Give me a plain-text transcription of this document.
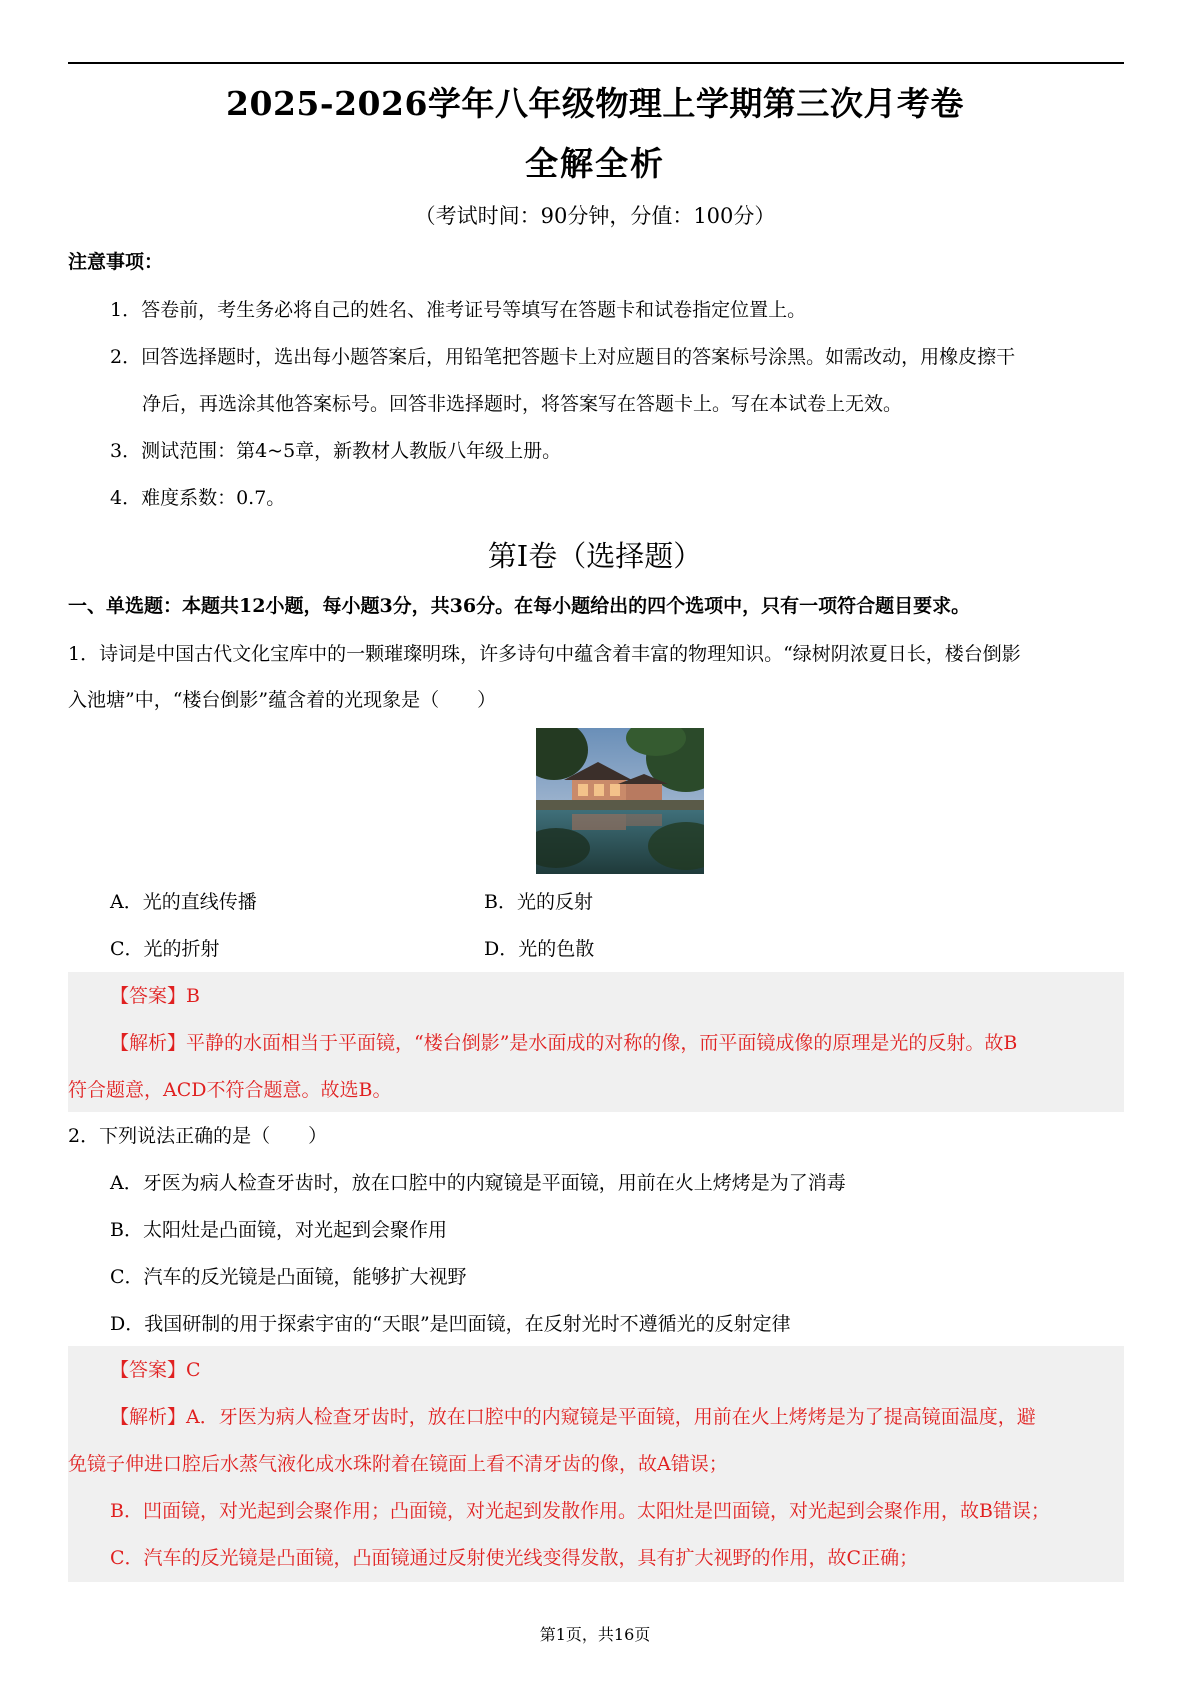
2025-2026学年八年级物理上学期第三次月考卷
全解全析
（考试时间：90分钟，分值：100分）
注意事项：
1．答卷前，考生务必将自己的姓名、准考证号等填写在答题卡和试卷指定位置上。
2．回答选择题时，选出每小题答案后，用铅笔把答题卡上对应题目的答案标号涂黑。如需改动，用橡皮擦干
净后，再选涂其他答案标号。回答非选择题时，将答案写在答题卡上。写在本试卷上无效。
3．测试范围：第4~5章，新教材人教版八年级上册。
4．难度系数：0.7。
第Ⅰ卷（选择题）
一、单选题：本题共12小题，每小题3分，共36分。在每小题给出的四个选项中，只有一项符合题目要求。
1．诗词是中国古代文化宝库中的一颗璀璨明珠，许多诗句中蕴含着丰富的物理知识。“绿树阴浓夏日长，楼台倒影
入池塘”中，“楼台倒影”蕴含着的光现象是（　　）
A．光的直线传播	B．光的反射
C．光的折射	D．光的色散
【答案】B
【解析】平静的水面相当于平面镜，“楼台倒影”是水面成的对称的像，而平面镜成像的原理是光的反射。故B
符合题意，ACD不符合题意。故选B。
2．下列说法正确的是（　　）
A．牙医为病人检查牙齿时，放在口腔中的内窥镜是平面镜，用前在火上烤烤是为了消毒
B．太阳灶是凸面镜，对光起到会聚作用
C．汽车的反光镜是凸面镜，能够扩大视野
D．我国研制的用于探索宇宙的“天眼”是凹面镜，在反射光时不遵循光的反射定律
【答案】C
【解析】A．牙医为病人检查牙齿时，放在口腔中的内窥镜是平面镜，用前在火上烤烤是为了提高镜面温度，避
免镜子伸进口腔后水蒸气液化成水珠附着在镜面上看不清牙齿的像，故A错误；
B．凹面镜，对光起到会聚作用；凸面镜，对光起到发散作用。太阳灶是凹面镜，对光起到会聚作用，故B错误；
C．汽车的反光镜是凸面镜，凸面镜通过反射使光线变得发散，具有扩大视野的作用，故C正确；
第1页，共16页
